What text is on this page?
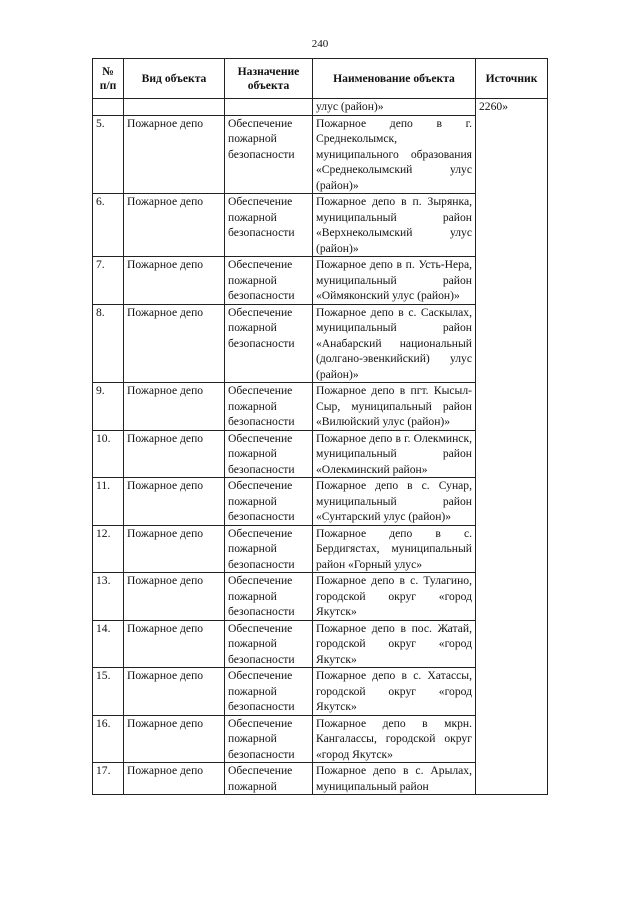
240
№
п/п	Вид объекта	Назначение объекта	Наименование объекта	Источник
			улус (район)»	2260»
5.	Пожарное депо	Обеспечение пожарной безопасности	Пожарное депо в г. Среднеколымск, муниципального образования «Среднеколымский улус (район)»	
6.	Пожарное депо	Обеспечение пожарной безопасности	Пожарное депо в п. Зырянка, муниципальный район «Верхнеколымский улус (район)»	
7.	Пожарное депо	Обеспечение пожарной безопасности	Пожарное депо в п. Усть-Нера, муниципальный район «Оймяконский улус (район)»	
8.	Пожарное депо	Обеспечение пожарной безопасности	Пожарное депо в с. Саскылах, муниципальный район «Анабарский национальный (долгано-эвенкийский) улус (район)»	
9.	Пожарное депо	Обеспечение пожарной безопасности	Пожарное депо в пгт. Кысыл-Сыр, муниципальный район «Вилюйский улус (район)»	
10.	Пожарное депо	Обеспечение пожарной безопасности	Пожарное депо в г. Олекминск, муниципальный район «Олекминский район»	
11.	Пожарное депо	Обеспечение пожарной безопасности	Пожарное депо в с. Сунар, муниципальный район «Сунтарский улус (район)»	
12.	Пожарное депо	Обеспечение пожарной безопасности	Пожарное депо в с. Бердигястах, муниципальный район «Горный улус»	
13.	Пожарное депо	Обеспечение пожарной безопасности	Пожарное депо в с. Тулагино, городской округ «город Якутск»	
14.	Пожарное депо	Обеспечение пожарной безопасности	Пожарное депо в пос. Жатай, городской округ «город Якутск»	
15.	Пожарное депо	Обеспечение пожарной безопасности	Пожарное депо в с. Хатассы, городской округ «город Якутск»	
16.	Пожарное депо	Обеспечение пожарной безопасности	Пожарное депо в мкрн. Кангалассы, городской округ «город Якутск»	
17.	Пожарное депо	Обеспечение пожарной	Пожарное депо в с. Арылах, муниципальный район	
